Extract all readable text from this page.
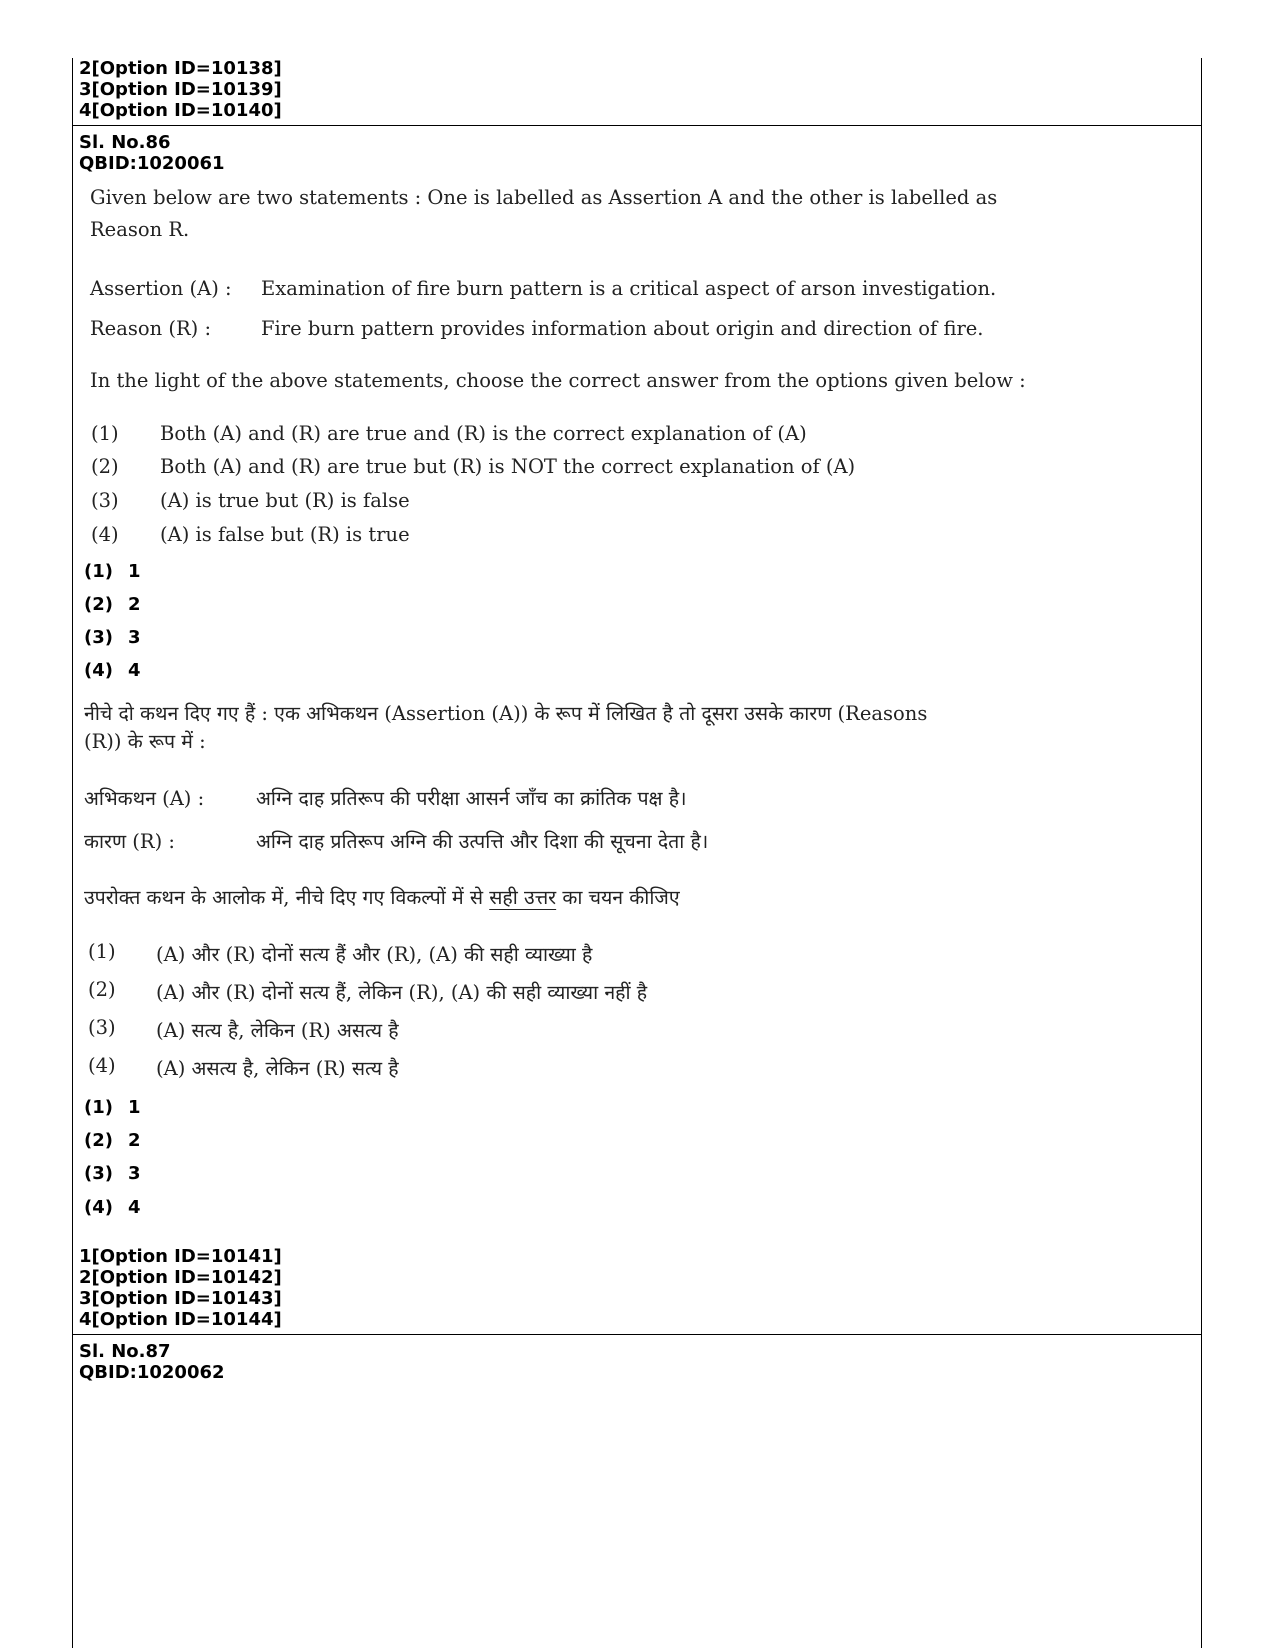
2[Option ID=10138]
3[Option ID=10139]
4[Option ID=10140]
Sl. No.86
QBID:1020061
Given below are two statements : One is labelled as Assertion A and the other is labelled as
Reason R.
Assertion (A) : Examination of fire burn pattern is a critical aspect of arson investigation.
Reason (R) :	Fire burn pattern provides information about origin and direction of fire.
In the light of the above statements, choose the correct answer from the options given below :
(1) Both (A) and (R) are true and (R) is the correct explanation of (A)
(2) Both (A) and (R) are true but (R) is NOT the correct explanation of (A)
(3) (A) is true but (R) is false
(4) (A) is false but (R) is true
(1) 1
(2) 2
(3) 3
(4) 4
नीचे दो कथन दिए गए हैं : एक अभिकथन (Assertion (A)) के रूप में लिखित है तो दूसरा उसके कारण (Reasons
(R)) के रूप में :
अभिकथन (A) :	अग्नि दाह प्रतिरूप की परीक्षा आसर्न जाँच का क्रांतिक पक्ष है।
कारण (R) :	अग्नि दाह प्रतिरूप अग्नि की उत्पत्ति और दिशा की सूचना देता है।
उपरोक्त कथन के आलोक में, नीचे दिए गए विकल्पों में से सही उत्तर का चयन कीजिए
(1) (A) और (R) दोनों सत्य हैं और (R), (A) की सही व्याख्या है
(2) (A) और (R) दोनों सत्य हैं, लेकिन (R), (A) की सही व्याख्या नहीं है
(3) (A) सत्य है, लेकिन (R) असत्य है
(4) (A) असत्य है, लेकिन (R) सत्य है
(1) 1
(2) 2
(3) 3
(4) 4
1[Option ID=10141]
2[Option ID=10142]
3[Option ID=10143]
4[Option ID=10144]
Sl. No.87
QBID:1020062
